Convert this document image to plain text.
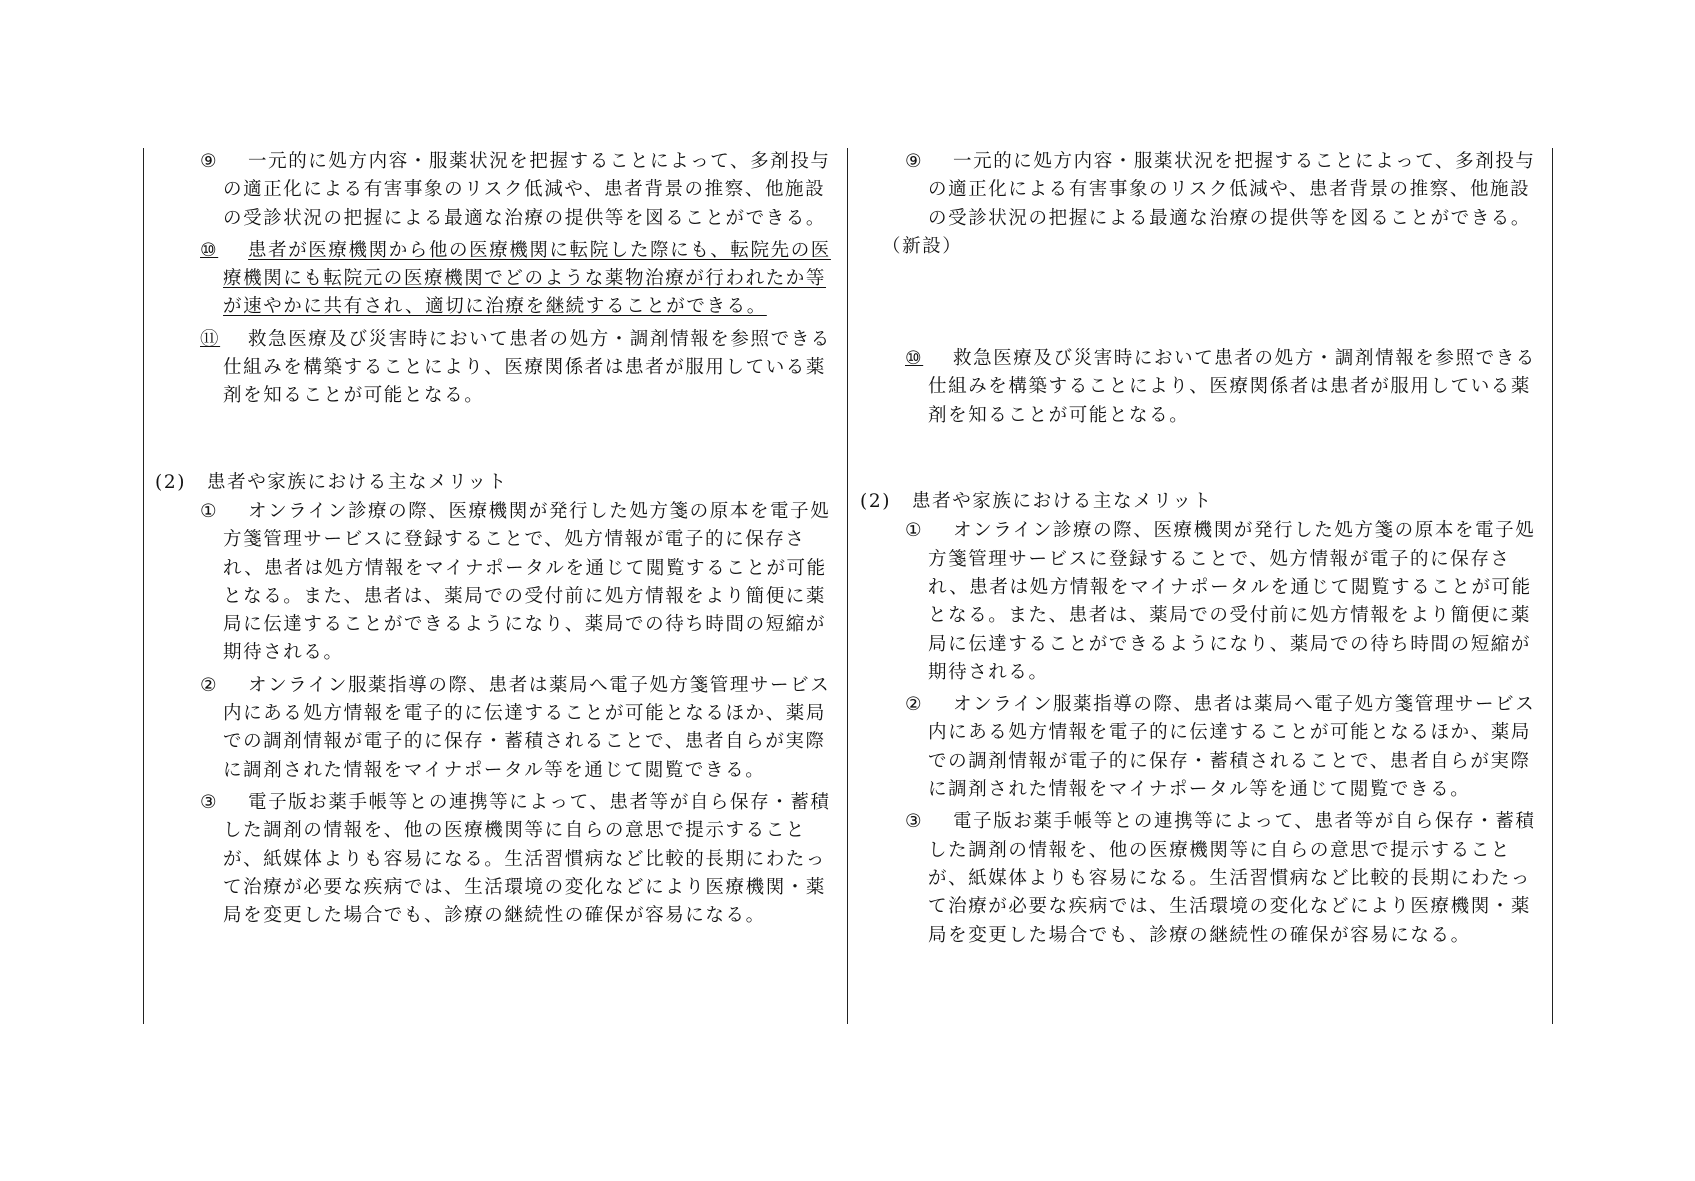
⑨ 一元的に処方内容・服薬状況を把握することによって、多剤投与の適正化による有害事象のリスク低減や、患者背景の推察、他施設の受診状況の把握による最適な治療の提供等を図ることができる。
⑩ 患者が医療機関から他の医療機関に転院した際にも、転院先の医療機関にも転院元の医療機関でどのような薬物治療が行われたか等が速やかに共有され、適切に治療を継続することができる。
⑪ 救急医療及び災害時において患者の処方・調剤情報を参照できる仕組みを構築することにより、医療関係者は患者が服用している薬剤を知ることが可能となる。
(2) 患者や家族における主なメリット
① オンライン診療の際、医療機関が発行した処方箋の原本を電子処方箋管理サービスに登録することで、処方情報が電子的に保存され、患者は処方情報をマイナポータルを通じて閲覧することが可能となる。また、患者は、薬局での受付前に処方情報をより簡便に薬局に伝達することができるようになり、薬局での待ち時間の短縮が期待される。
② オンライン服薬指導の際、患者は薬局へ電子処方箋管理サービス内にある処方情報を電子的に伝達することが可能となるほか、薬局での調剤情報が電子的に保存・蓄積されることで、患者自らが実際に調剤された情報をマイナポータル等を通じて閲覧できる。
③ 電子版お薬手帳等との連携等によって、患者等が自ら保存・蓄積した調剤の情報を、他の医療機関等に自らの意思で提示することが、紙媒体よりも容易になる。生活習慣病など比較的長期にわたって治療が必要な疾病では、生活環境の変化などにより医療機関・薬局を変更した場合でも、診療の継続性の確保が容易になる。
⑨ 一元的に処方内容・服薬状況を把握することによって、多剤投与の適正化による有害事象のリスク低減や、患者背景の推察、他施設の受診状況の把握による最適な治療の提供等を図ることができる。
（新設）
⑩ 救急医療及び災害時において患者の処方・調剤情報を参照できる仕組みを構築することにより、医療関係者は患者が服用している薬剤を知ることが可能となる。
(2) 患者や家族における主なメリット
① オンライン診療の際、医療機関が発行した処方箋の原本を電子処方箋管理サービスに登録することで、処方情報が電子的に保存され、患者は処方情報をマイナポータルを通じて閲覧することが可能となる。また、患者は、薬局での受付前に処方情報をより簡便に薬局に伝達することができるようになり、薬局での待ち時間の短縮が期待される。
② オンライン服薬指導の際、患者は薬局へ電子処方箋管理サービス内にある処方情報を電子的に伝達することが可能となるほか、薬局での調剤情報が電子的に保存・蓄積されることで、患者自らが実際に調剤された情報をマイナポータル等を通じて閲覧できる。
③ 電子版お薬手帳等との連携等によって、患者等が自ら保存・蓄積した調剤の情報を、他の医療機関等に自らの意思で提示することが、紙媒体よりも容易になる。生活習慣病など比較的長期にわたって治療が必要な疾病では、生活環境の変化などにより医療機関・薬局を変更した場合でも、診療の継続性の確保が容易になる。
